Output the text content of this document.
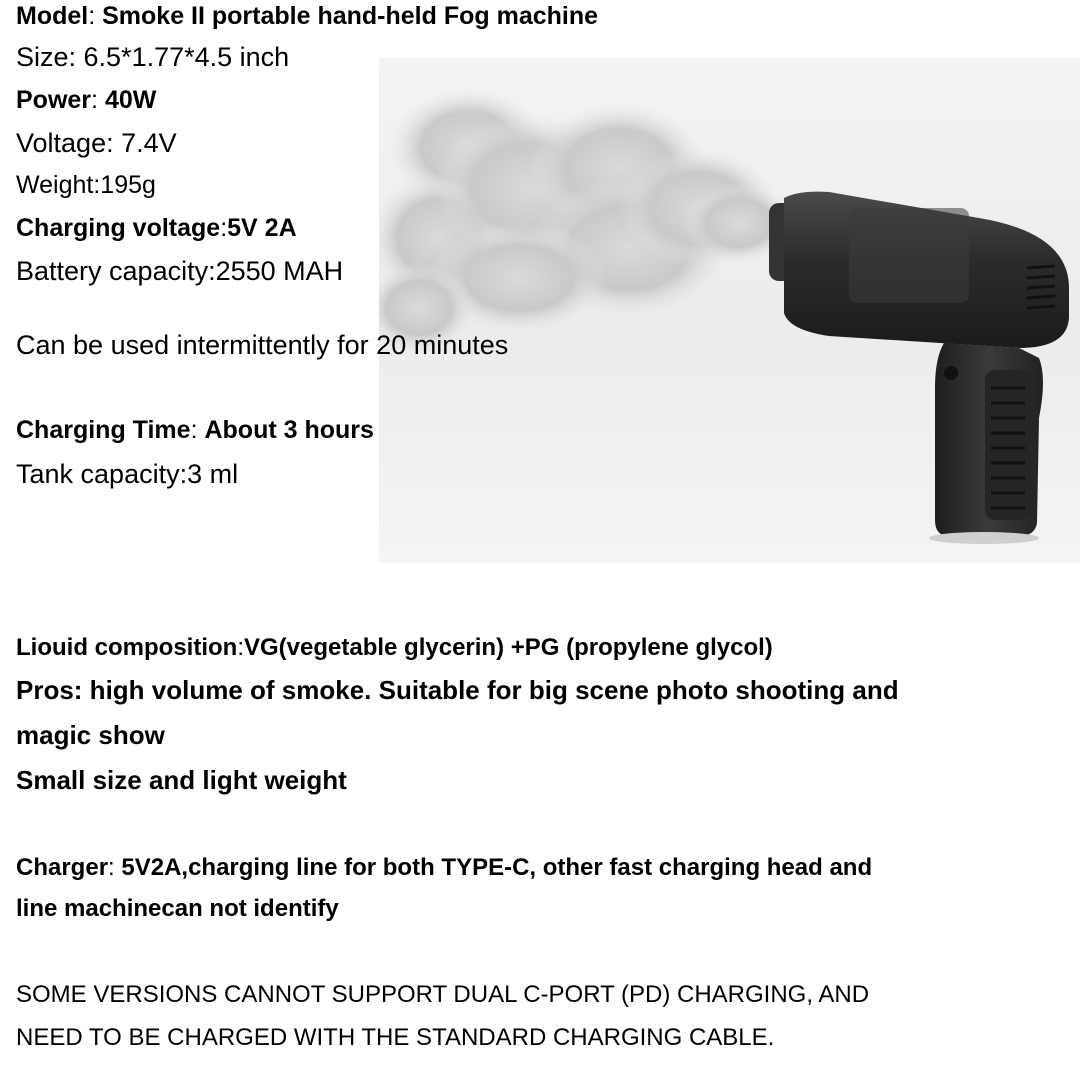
Model: Smoke II portable hand-held Fog machine
Size: 6.5*1.77*4.5 inch
Power: 40W
Voltage: 7.4V
Weight:195g
Charging voltage:5V 2A
Battery capacity:2550 MAH
Can be used intermittently for 20 minutes
Charging Time: About 3 hours
Tank capacity:3 ml
Liouid composition:VG(vegetable glycerin) +PG (propylene glycol)
Pros: high volume of smoke. Suitable for big scene photo shooting and
magic show
Small size and light weight
Charger: 5V2A,charging line for both TYPE-C, other fast charging head and
line machinecan not identify
SOME VERSIONS CANNOT SUPPORT DUAL C-PORT (PD) CHARGING, AND
NEED TO BE CHARGED WITH THE STANDARD CHARGING CABLE.
